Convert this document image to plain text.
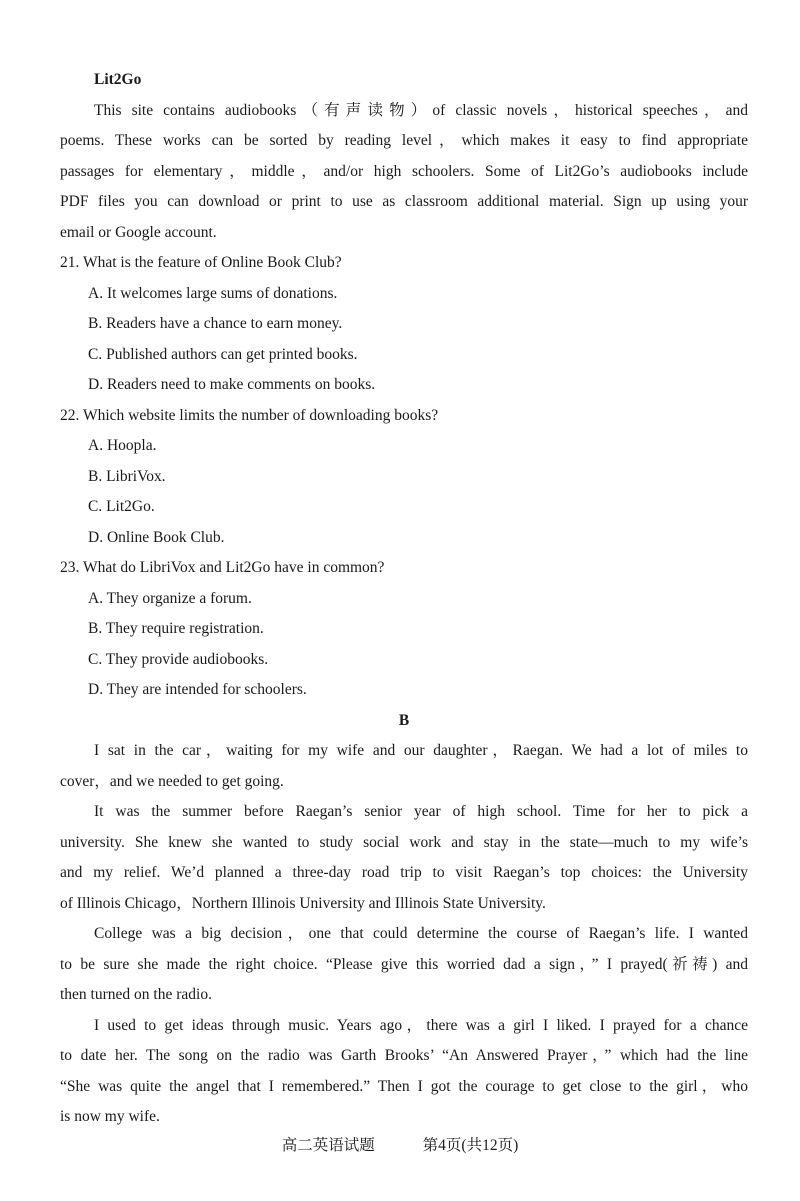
Lit2Go
This site contains audiobooks（有声读物）of classic novels，historical speeches，and
poems. These works can be sorted by reading level，which makes it easy to find appropriate
passages for elementary，middle，and/or high schoolers. Some of Lit2Go’s audiobooks include
PDF files you can download or print to use as classroom additional material. Sign up using your
email or Google account.
21. What is the feature of Online Book Club?
A. It welcomes large sums of donations.
B. Readers have a chance to earn money.
C. Published authors can get printed books.
D. Readers need to make comments on books.
22. Which website limits the number of downloading books?
A. Hoopla.
B. LibriVox.
C. Lit2Go.
D. Online Book Club.
23. What do LibriVox and Lit2Go have in common?
A. They organize a forum.
B. They require registration.
C. They provide audiobooks.
D. They are intended for schoolers.
B
I sat in the car，waiting for my wife and our daughter，Raegan. We had a lot of miles to
cover，and we needed to get going.
It was the summer before Raegan’s senior year of high school. Time for her to pick a
university. She knew she wanted to study social work and stay in the state—much to my wife’s
and my relief. We’d planned a three-day road trip to visit Raegan’s top choices: the University
of Illinois Chicago，Northern Illinois University and Illinois State University.
College was a big decision，one that could determine the course of Raegan’s life. I wanted
to be sure she made the right choice. “Please give this worried dad a sign，” I prayed(祈祷) and
then turned on the radio.
I used to get ideas through music. Years ago，there was a girl I liked. I prayed for a chance
to date her. The song on the radio was Garth Brooks’ “An Answered Prayer，” which had the line
“She was quite the angel that I remembered.” Then I got the courage to get close to the girl，who
is now my wife.
高二英语试题	第4页(共12页)
